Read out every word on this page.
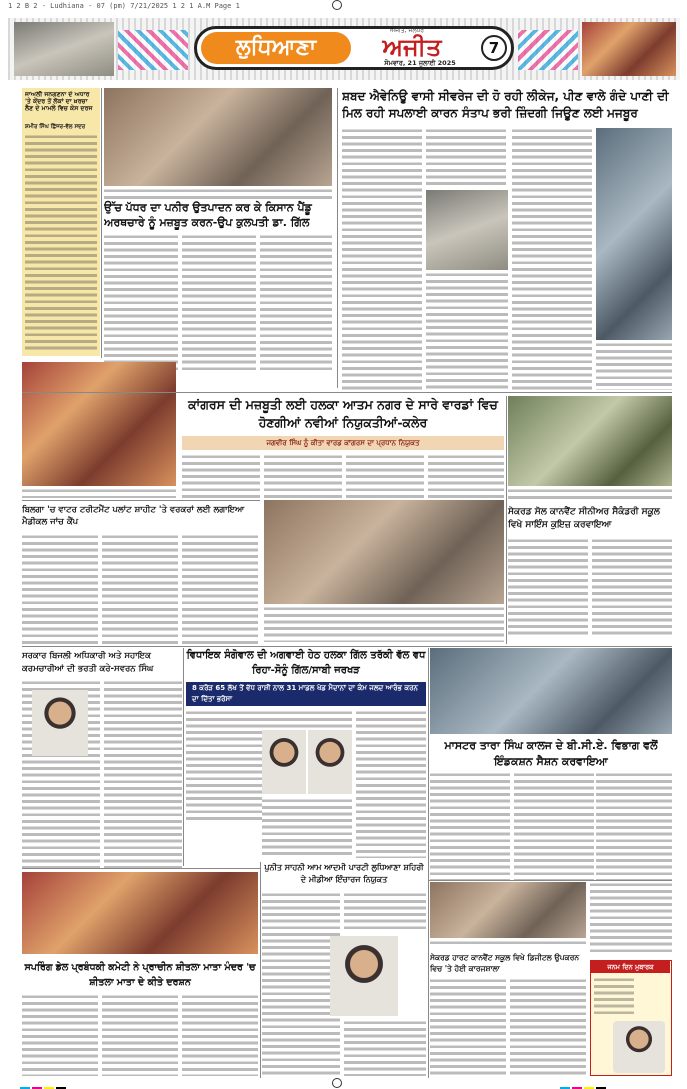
1 2 B 2 - Ludhiana - 07 (pm) 7/21/2025 1 2 1 A.M Page 1
ਲੁਧਿਆਣਾ
ਅਜੀਤ, ਜਲੰਧਰ
ਅਜੀਤ
ਸੋਮਵਾਰ, 21 ਜੁਲਾਈ 2025
7
ਜਾਅਲੀ ਜਨਗਣਨਾ ਦੇ ਅਧਾਰ 'ਤੇ ਕੇਂਦਰ ਤੋਂ ਲੋਕਾਂ ਦਾ ਖ਼ਰਚਾ ਲੈਣ ਦੇ ਮਾਮਲੇ ਵਿਚ ਕੇਸ ਦਰਜ
ਸ਼ਮੀਰ ਸਿੰਘ ਛਿੱਜਰ-ਵੱਲ ਸਦਰ
ਉੱਚ ਪੱਧਰ ਦਾ ਪਨੀਰ ਉਤਪਾਦਨ ਕਰ ਕੇ ਕਿਸਾਨ ਪੈਂਡੂ ਅਰਥਚਾਰੇ ਨੂੰ ਮਜ਼ਬੂਤ ਕਰਨ-ਉਪ ਕੁਲਪਤੀ ਡਾ. ਗਿੱਲ
ਸ਼ਬਦ ਐਵੇਨਿਊ ਵਾਸੀ ਸੀਵਰੇਜ ਦੀ ਹੋ ਰਹੀ ਲੀਕੇਜ, ਪੀਣ ਵਾਲੇ ਗੰਦੇ ਪਾਣੀ ਦੀ ਮਿਲ ਰਹੀ ਸਪਲਾਈ ਕਾਰਨ ਸੰਤਾਪ ਭਰੀ ਜ਼ਿੰਦਗੀ ਜਿਊਣ ਲਈ ਮਜਬੂਰ
ਕਾਂਗਰਸ ਦੀ ਮਜ਼ਬੂਤੀ ਲਈ ਹਲਕਾ ਆਤਮ ਨਗਰ ਦੇ ਸਾਰੇ ਵਾਰਡਾਂ ਵਿਚ ਹੋਣਗੀਆਂ ਨਵੀਆਂ ਨਿਯੁਕਤੀਆਂ-ਕਲੇਰ
ਜਗਵੀਰ ਸਿੰਘ ਨੂੰ ਕੀਤਾ ਵਾਰਡ ਕਾਂਗਰਸ ਦਾ ਪ੍ਰਧਾਨ ਨਿਯੁਕਤ
ਸੇਕਰਡ ਸੋਲ ਕਾਨਵੈਂਟ ਸੀਨੀਅਰ ਸੈਕੰਡਰੀ ਸਕੂਲ ਵਿਖੇ ਸਾਇੰਸ ਕੁਇਜ਼ ਕਰਵਾਇਆ
ਬਿਲਗਾ 'ਚ ਵਾਟਰ ਟਰੀਟਮੈਂਟ ਪਲਾਂਟ ਸ਼ਾਹੀਟ 'ਤੇ ਵਰਕਰਾਂ ਲਈ ਲਗਾਇਆ ਮੈਡੀਕਲ ਜਾਂਚ ਕੈਂਪ
ਸਰਕਾਰ ਬਿਜਲੀ ਅਧਿਕਾਰੀ ਅਤੇ ਸਹਾਇਕ ਕਰਮਚਾਰੀਆਂ ਦੀ ਭਰਤੀ ਕਰੇ-ਸਵਰਨ ਸਿੰਘ
ਵਿਧਾਇਕ ਸੰਗੋਵਾਲ ਦੀ ਅਗਵਾਈ ਹੇਠ ਹਲਕਾ ਗਿੱਲ ਤਰੱਕੀ ਵੱਲ ਵਧ ਰਿਹਾ-ਸੋਨੂੰ ਗਿੱਲ/ਸਾਬੀ ਜਰਖੜ
8 ਕਰੋੜ 65 ਲੱਖ ਤੋਂ ਵੱਧ ਰਾਸ਼ੀ ਨਾਲ 31 ਮਾਡਲ ਖੇਡ ਮੈਦਾਨਾਂ ਦਾ ਕੰਮ ਜਲਦ ਆਰੰਭ ਕਰਨ ਦਾ ਦਿੱਤਾ ਭਰੋਸਾ
ਮਾਸਟਰ ਤਾਰਾ ਸਿੰਘ ਕਾਲਜ ਦੇ ਬੀ.ਸੀ.ਏ. ਵਿਭਾਗ ਵਲੋਂ ਇੰਡਕਸ਼ਨ ਸੈਸ਼ਨ ਕਰਵਾਇਆ
ਪੁਨੀਤ ਸਾਹਨੀ ਆਮ ਆਦਮੀ ਪਾਰਟੀ ਲੁਧਿਆਣਾ ਸ਼ਹਿਰੀ ਦੇ ਮੀਡੀਆ ਇੰਚਾਰਜ ਨਿਯੁਕਤ
ਸਪਰਿੰਗ ਡੇਲ ਪ੍ਰਬੰਧਕੀ ਕਮੇਟੀ ਨੇ ਪ੍ਰਾਚੀਨ ਸ਼ੀਤਲਾ ਮਾਤਾ ਮੰਦਰ 'ਚ ਸ਼ੀਤਲਾ ਮਾਤਾ ਦੇ ਕੀਤੇ ਦਰਸ਼ਨ
ਸੇਕਰਡ ਹਾਰਟ ਕਾਨਵੈਂਟ ਸਕੂਲ ਵਿਖੇ ਡਿਜੀਟਲ ਉਪਕਰਨ ਵਿਚ 'ਤੇ ਹੋਈ ਕਾਰਜਸ਼ਾਲਾ	ਜਨਮ ਦਿਨ ਮੁਬਾਰਕ
